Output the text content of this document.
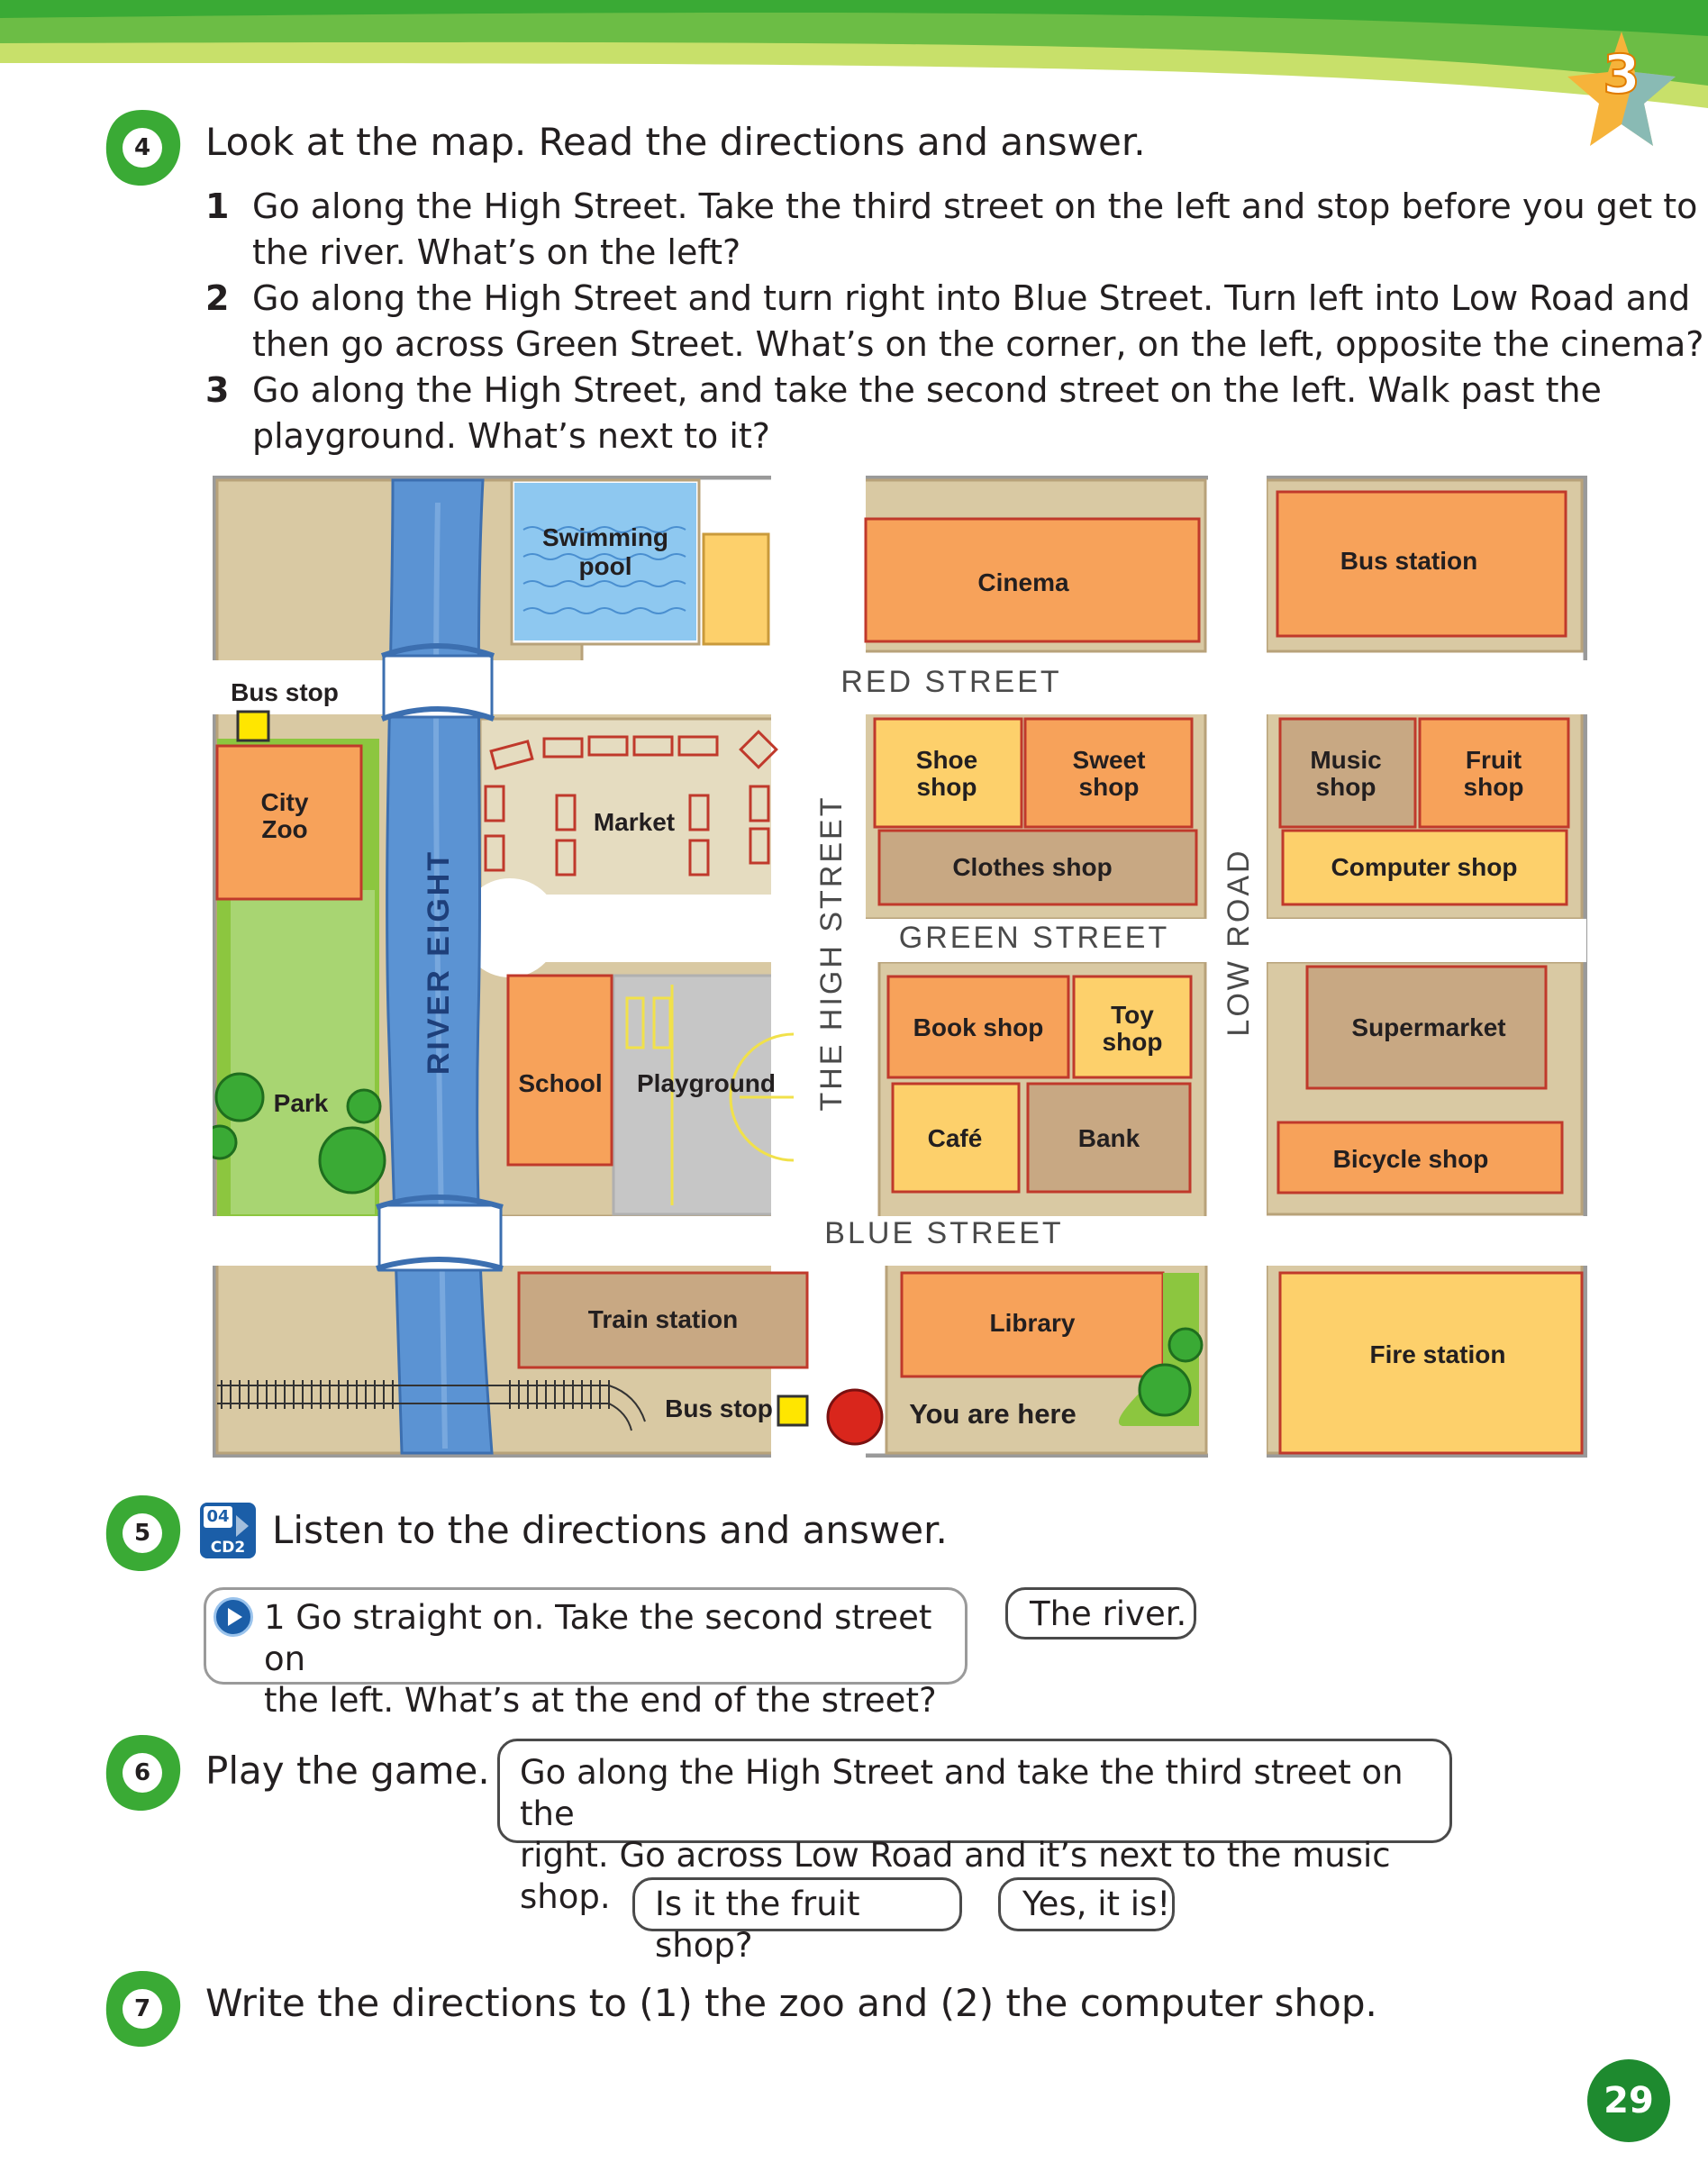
3
4	Look at the map. Read the directions and answer.
1 Go along the High Street. Take the third street on the left and stop before you get to
the river. What’s on the left?
2 Go along the High Street and turn right into Blue Street. Turn left into Low Road and
then go across Green Street. What’s on the corner, on the left, opposite the cinema?
3 Go along the High Street, and take the second street on the left. Walk past the
playground. What’s next to it?
RED STREET
GREEN STREET
BLUE STREET
THE HIGH STREET	LOW ROAD
RIVER EIGHT
Swimming
pool
Cinema
Bus station
Bus stop
City
Zoo	Market
Shoe
shop
Sweet
shop
Music
shop
Fruit
shop
Clothes shop	Computer shop
Book shop	Toy
shop
Supermarket
School Playground
Park
Café	Bank
Bicycle shop
Train station	Library
Fire station
Bus stop	You are here
5
04
CD2 Listen to the directions and answer.
1 Go straight on. Take the second street on
the left. What’s at the end of the street?
The river.
6	Play the game. Go along the High Street and take the third street on the
right. Go across Low Road and it’s next to the music shop.	Is it the fruit shop?
Yes, it is!
7	Write the directions to (1) the zoo and (2) the computer shop.
29
